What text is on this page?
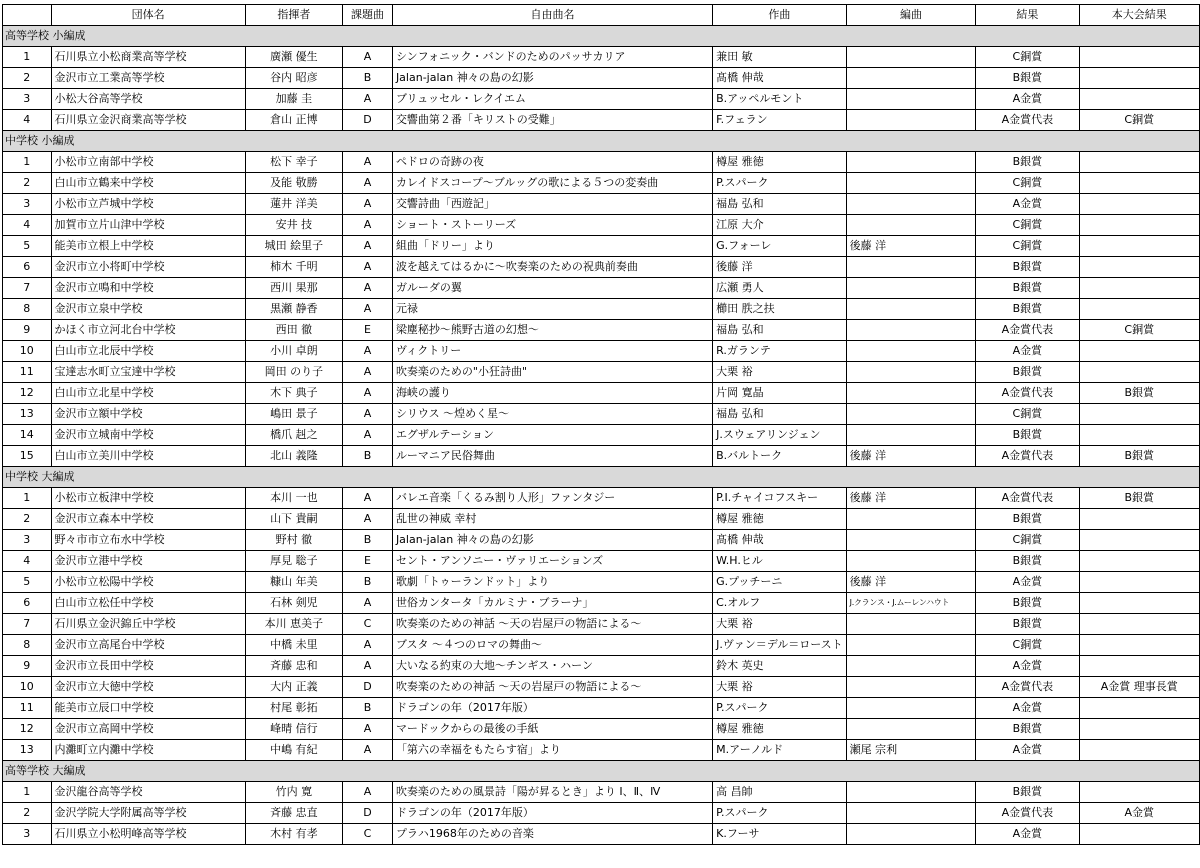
	団体名	指揮者	課題曲	自由曲名	作曲	編曲	結果	本大会結果
高等学校 小編成								
1	石川県立小松商業高等学校	廣瀬 優生	A	シンフォニック・バンドのためのパッサカリア	兼田 敏		C銅賞	
2	金沢市立工業高等学校	谷内 昭彦	B	Jalan-jalan 神々の島の幻影	髙橋 伸哉		B銀賞	
3	小松大谷高等学校	加藤 圭	A	ブリュッセル・レクイエム	B.アッペルモント		A金賞	
4	石川県立金沢商業高等学校	倉山 正博	D	交響曲第２番「キリストの受難」	F.フェラン		A金賞代表	C銅賞
中学校 小編成								
1	小松市立南部中学校	松下 幸子	A	ペドロの奇跡の夜	樽屋 雅徳		B銀賞	
2	白山市立鶴来中学校	及能 敬勝	A	カレイドスコープ～ブルッグの歌による５つの変奏曲	P.スパーク		C銅賞	
3	小松市立芦城中学校	蓮井 洋美	A	交響詩曲「西遊記」	福島 弘和		A金賞	
4	加賀市立片山津中学校	安井 技	A	ショート・ストーリーズ	江原 大介		C銅賞	
5	能美市立根上中学校	城田 絵里子	A	組曲「ドリー」より	G.フォーレ	後藤 洋	C銅賞	
6	金沢市立小将町中学校	柿木 千明	A	波を越えてはるかに～吹奏楽のための祝典前奏曲	後藤 洋		B銀賞	
7	金沢市立鳴和中学校	西川 果那	A	ガルーダの翼	広瀬 勇人		B銀賞	
8	金沢市立泉中学校	黒瀬 静香	A	元禄	櫛田 胅之扶		B銀賞	
9	かほく市立河北台中学校	西田 徹	E	梁塵秘抄～熊野古道の幻想～	福島 弘和		A金賞代表	C銅賞
10	白山市立北辰中学校	小川 卓朗	A	ヴィクトリー	R.ガランテ		A金賞	
11	宝達志水町立宝達中学校	岡田 のり子	A	吹奏楽のための"小狂詩曲"	大栗 裕		B銀賞	
12	白山市立北星中学校	木下 典子	A	海峡の護り	片岡 寛晶		A金賞代表	B銀賞
13	金沢市立額中学校	嶋田 景子	A	シリウス ～煌めく星～	福島 弘和		C銅賞	
14	金沢市立城南中学校	橋爪 赳之	A	エグザルテーション	J.スウェアリンジェン		B銀賞	
15	白山市立美川中学校	北山 義隆	B	ルーマニア民俗舞曲	B.バルトーク	後藤 洋	A金賞代表	B銀賞
中学校 大編成								
1	小松市立板津中学校	本川 一也	A	バレエ音楽「くるみ割り人形」ファンタジー	P.I.チャイコフスキー	後藤 洋	A金賞代表	B銀賞
2	金沢市立森本中学校	山下 貴嗣	A	乱世の神威 幸村	樽屋 雅徳		B銀賞	
3	野々市市立布水中学校	野村 徹	B	Jalan-jalan 神々の島の幻影	髙橋 伸哉		C銅賞	
4	金沢市立港中学校	厚見 聡子	E	セント・アンソニー・ヴァリエーションズ	W.H.ヒル		B銀賞	
5	小松市立松陽中学校	糠山 年美	B	歌劇「トゥーランドット」より	G.プッチーニ	後藤 洋	A金賞	
6	白山市立松任中学校	石林 剣児	A	世俗カンタータ「カルミナ・ブラーナ」	C.オルフ	J.クランス・J.ムーレンハウト	B銀賞	
7	石川県立金沢錦丘中学校	本川 恵美子	C	吹奏楽のための神話 ～天の岩屋戸の物語による～	大栗 裕		B銀賞	
8	金沢市立高尾台中学校	中橋 未里	A	ブスタ ～４つのロマの舞曲～	J.ヴァン＝デル＝ロースト		C銅賞	
9	金沢市立長田中学校	斉藤 忠和	A	大いなる約束の大地～チンギス・ハーン	鈴木 英史		A金賞	
10	金沢市立大徳中学校	大内 正義	D	吹奏楽のための神話 ～天の岩屋戸の物語による～	大栗 裕		A金賞代表	A金賞 理事長賞
11	能美市立辰口中学校	村尾 彰拓	B	ドラゴンの年（2017年版）	P.スパーク		A金賞	
12	金沢市立高岡中学校	峰晴 信行	A	マードックからの最後の手紙	樽屋 雅徳		B銀賞	
13	内灘町立内灘中学校	中嶋 有紀	A	「第六の幸福をもたらす宿」より	M.アーノルド	瀬尾 宗利	A金賞	
高等学校 大編成								
1	金沢龍谷高等学校	竹内 寛	A	吹奏楽のための風景詩「陽が昇るとき」より Ⅰ、Ⅱ、Ⅳ	高 昌帥		B銀賞	
2	金沢学院大学附属高等学校	斉藤 忠直	D	ドラゴンの年（2017年版）	P.スパーク		A金賞代表	A金賞
3	石川県立小松明峰高等学校	木村 有孝	C	プラハ1968年のための音楽	K.フーサ		A金賞	
